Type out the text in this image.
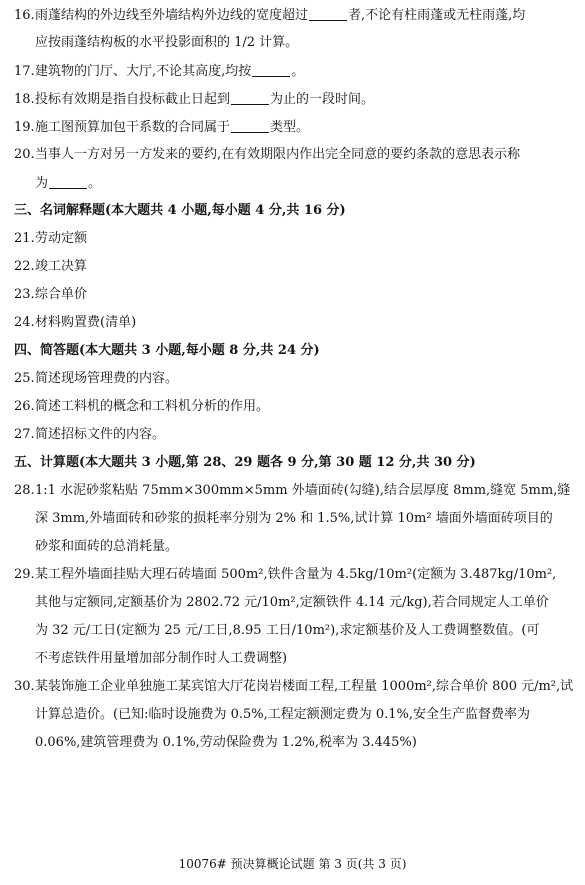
16.雨蓬结构的外边线至外墙结构外边线的宽度超过	者,不论有柱雨蓬或无柱雨蓬,均
应按雨蓬结构板的水平投影面积的 1/2 计算。
17.建筑物的门厅、大厅,不论其高度,均按	。
18.投标有效期是指自投标截止日起到	为止的一段时间。
19.施工图预算加包干系数的合同属于	类型。
20.当事人一方对另一方发来的要约,在有效期限内作出完全同意的要约条款的意思表示称
为	。
三、名词解释题(本大题共 4 小题,每小题 4 分,共 16 分)
21.劳动定额
22.竣工决算
23.综合单价
24.材料购置费(清单)
四、简答题(本大题共 3 小题,每小题 8 分,共 24 分)
25.简述现场管理费的内容。
26.简述工料机的概念和工料机分析的作用。
27.简述招标文件的内容。
五、计算题(本大题共 3 小题,第 28、29 题各 9 分,第 30 题 12 分,共 30 分)
28.1:1 水泥砂浆粘贴 75mm×300mm×5mm 外墙面砖(勾缝),结合层厚度 8mm,缝宽 5mm,缝
深 3mm,外墙面砖和砂浆的损耗率分别为 2% 和 1.5%,试计算 10m² 墙面外墙面砖项目的
砂浆和面砖的总消耗量。
29.某工程外墙面挂贴大理石砖墙面 500m²,铁件含量为 4.5kg/10m²(定额为 3.487kg/10m²,
其他与定额同,定额基价为 2802.72 元/10m²,定额铁件 4.14 元/kg),若合同规定人工单价
为 32 元/工日(定额为 25 元/工日,8.95 工日/10m²),求定额基价及人工费调整数值。(可
不考虑铁件用量增加部分制作时人工费调整)
30.某装饰施工企业单独施工某宾馆大厅花岗岩楼面工程,工程量 1000m²,综合单价 800 元/m²,试
计算总造价。(已知:临时设施费为 0.5%,工程定额测定费为 0.1%,安全生产监督费率为
0.06%,建筑管理费为 0.1%,劳动保险费为 1.2%,税率为 3.445%)
10076# 预决算概论试题 第 3 页(共 3 页)
